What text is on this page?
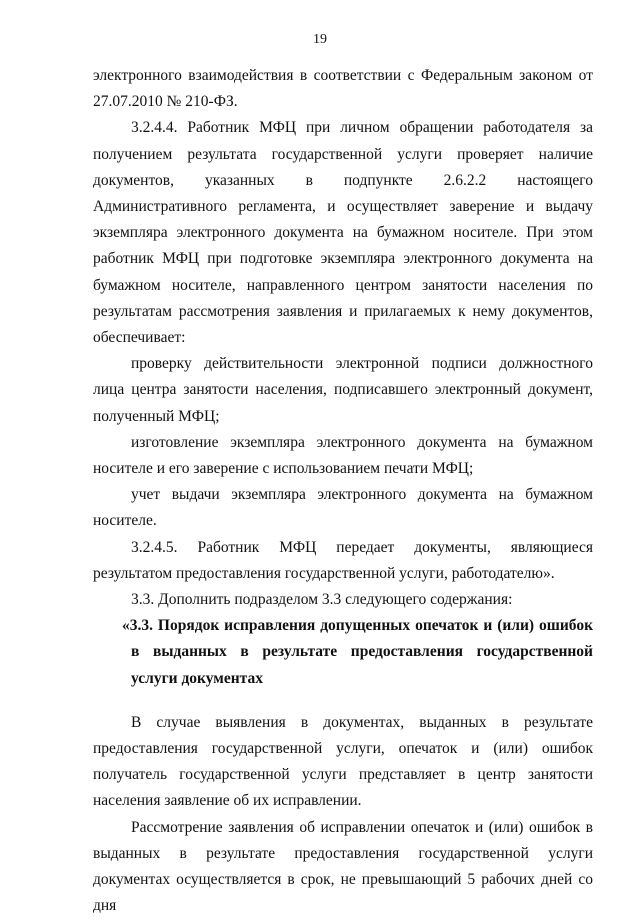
19

электронного взаимодействия в соответствии с Федеральным законом от 27.07.2010 № 210-ФЗ.

3.2.4.4. Работник МФЦ при личном обращении работодателя за получением результата государственной услуги проверяет наличие документов, указанных в подпункте 2.6.2.2 настоящего Административного регламента, и осуществляет заверение и выдачу экземпляра электронного документа на бумажном носителе. При этом работник МФЦ при подготовке экземпляра электронного документа на бумажном носителе, направленного центром занятости населения по результатам рассмотрения заявления и прилагаемых к нему документов, обеспечивает:

проверку действительности электронной подписи должностного лица центра занятости населения, подписавшего электронный документ, полученный МФЦ;

изготовление экземпляра электронного документа на бумажном носителе и его заверение с использованием печати МФЦ;

учет выдачи экземпляра электронного документа на бумажном носителе.

3.2.4.5. Работник МФЦ передает документы, являющиеся результатом предоставления государственной услуги, работодателю».

3.3. Дополнить подразделом 3.3 следующего содержания:

«3.3. Порядок исправления допущенных опечаток и (или) ошибок в выданных в результате предоставления государственной услуги документах

В случае выявления в документах, выданных в результате предоставления государственной услуги, опечаток и (или) ошибок получатель государственной услуги представляет в центр занятости населения заявление об их исправлении.

Рассмотрение заявления об исправлении опечаток и (или) ошибок в выданных в результате предоставления государственной услуги документах осуществляется в срок, не превышающий 5 рабочих дней со дня
